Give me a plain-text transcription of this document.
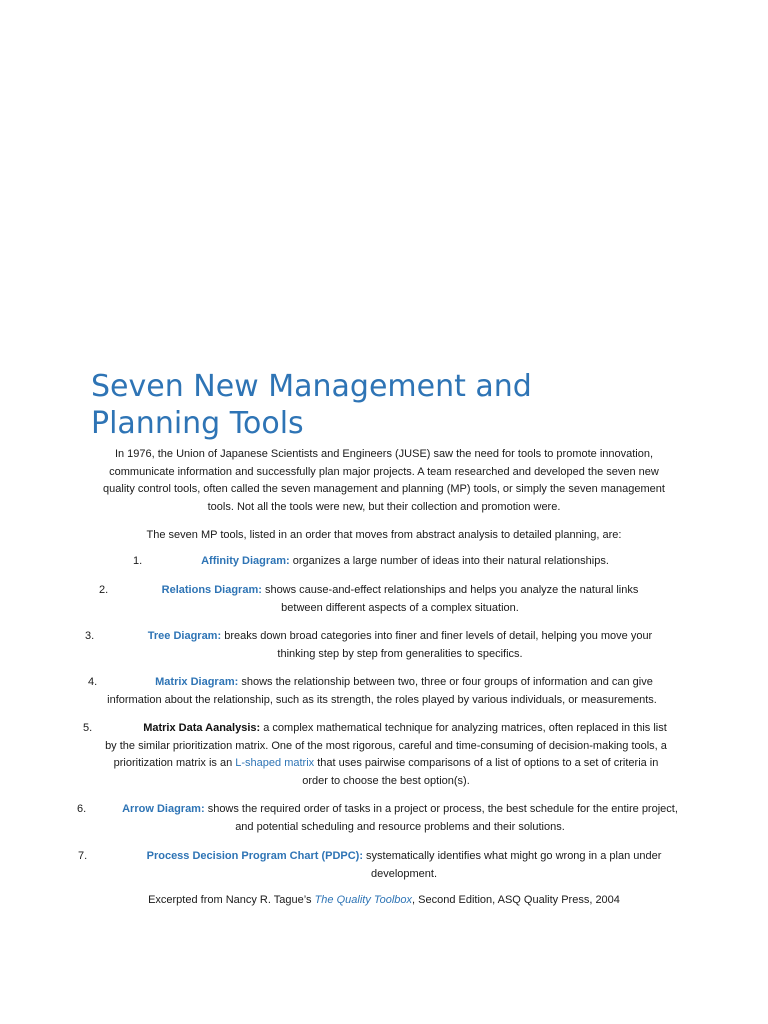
Seven New Management and Planning Tools

In 1976, the Union of Japanese Scientists and Engineers (JUSE) saw the need for tools to promote innovation, communicate information and successfully plan major projects. A team researched and developed the seven new quality control tools, often called the seven management and planning (MP) tools, or simply the seven management tools. Not all the tools were new, but their collection and promotion were.

The seven MP tools, listed in an order that moves from abstract analysis to detailed planning, are:

1.	Affinity Diagram: organizes a large number of ideas into their natural relationships.

2.	Relations Diagram: shows cause-and-effect relationships and helps you analyze the natural links between different aspects of a complex situation.

3.	Tree Diagram: breaks down broad categories into finer and finer levels of detail, helping you move your thinking step by step from generalities to specifics.

4.	Matrix Diagram: shows the relationship between two, three or four groups of information and can give information about the relationship, such as its strength, the roles played by various individuals, or measurements.

5.	Matrix Data Aanalysis: a complex mathematical technique for analyzing matrices, often replaced in this list by the similar prioritization matrix. One of the most rigorous, careful and time-consuming of decision-making tools, a prioritization matrix is an L-shaped matrix that uses pairwise comparisons of a list of options to a set of criteria in order to choose the best option(s).

6.	Arrow Diagram: shows the required order of tasks in a project or process, the best schedule for the entire project, and potential scheduling and resource problems and their solutions.

7.	Process Decision Program Chart (PDPC): systematically identifies what might go wrong in a plan under development.

Excerpted from Nancy R. Tague’s The Quality Toolbox, Second Edition, ASQ Quality Press, 2004
